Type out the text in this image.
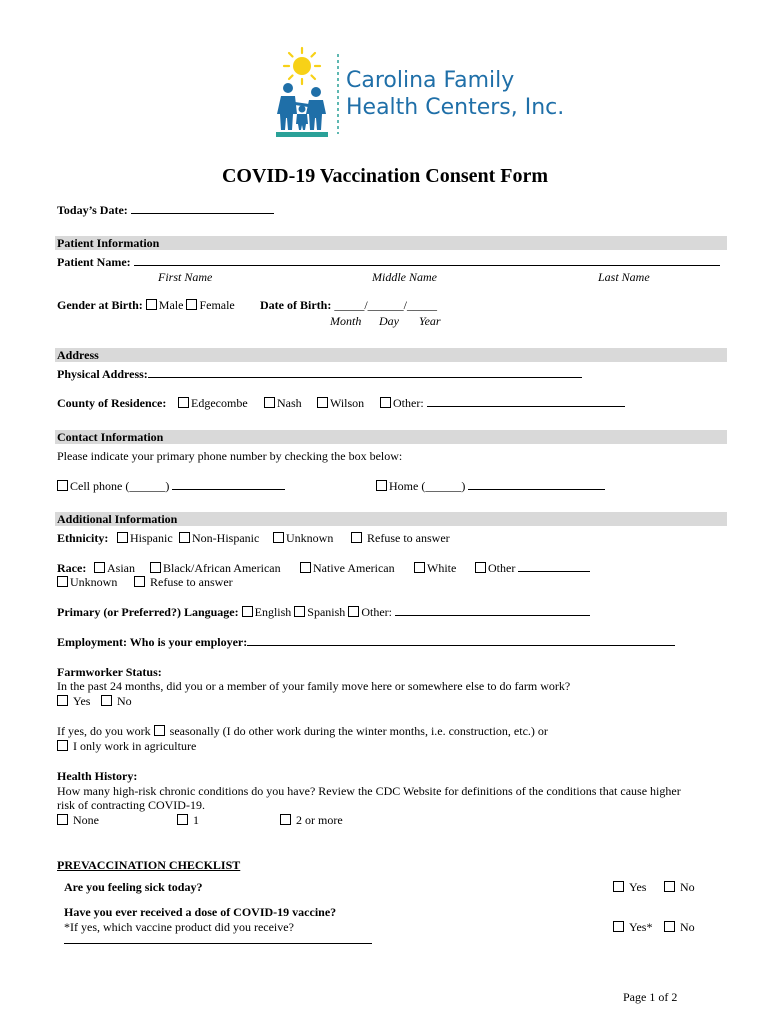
Carolina Family
Health Centers, Inc.
COVID-19 Vaccination Consent Form
Today’s Date:
Patient Information
Patient Name:
First Name	Middle Name	Last Name
Gender at Birth: Male Female Date of Birth: _____/______/_____
Month Day Year
Address
Physical Address:
County of Residence:	Edgecombe	Nash	Wilson	Other:
Contact Information
Please indicate your primary phone number by checking the box below:
Cell phone (______)	Home (______)
Additional Information
Ethnicity:	Hispanic	Non-Hispanic	Unknown	Refuse to answer
Race:	Asian	Black/African American	Native American	White	Other
Unknown	Refuse to answer
Primary (or Preferred?) Language: English Spanish Other:
Employment: Who is your employer:
Farmworker Status:
In the past 24 months, did you or a member of your family move here or somewhere else to do farm work?
Yes	No
If yes, do you work seasonally (I do other work during the winter months, i.e. construction, etc.) or
I only work in agriculture
Health History:
How many high-risk chronic conditions do you have? Review the CDC Website for definitions of the conditions that cause higher
risk of contracting COVID-19.
None	1	2 or more
PREVACCINATION CHECKLIST
Are you feeling sick today?	Yes	No
Have you ever received a dose of COVID-19 vaccine?
*If yes, which vaccine product did you receive?	Yes*	No
Page 1 of 2
